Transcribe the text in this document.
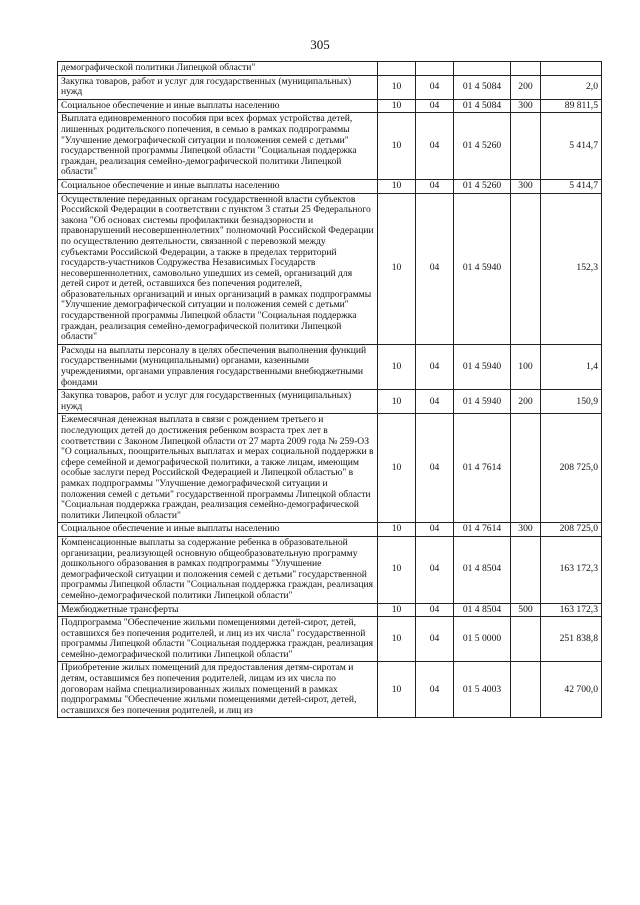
305
демографической политики Липецкой области"					
Закупка товаров, работ и услуг для государственных (муниципальных) нужд	10	04	01 4 5084	200	2,0
Социальное обеспечение и иные выплаты населению	10	04	01 4 5084	300	89 811,5
Выплата единовременного пособия при всех формах устройства детей, лишенных родительского попечения, в семью в рамках подпрограммы "Улучшение демографической ситуации и положения семей с детьми" государственной программы Липецкой области "Социальная поддержка граждан, реализация семейно-демографической политики Липецкой области"	10	04	01 4 5260		5 414,7
Социальное обеспечение и иные выплаты населению	10	04	01 4 5260	300	5 414,7
Осуществление переданных органам государственной власти субъектов Российской Федерации в соответствии с пунктом 3 статьи 25 Федерального закона "Об основах системы профилактики безнадзорности и правонарушений несовершеннолетних" полномочий Российской Федерации по осуществлению деятельности, связанной с перевозкой между субъектами Российской Федерации, а также в пределах территорий государств-участников Содружества Независимых Государств несовершеннолетних, самовольно ушедших из семей, организаций для детей сирот и детей, оставшихся без попечения родителей, образовательных организаций и иных организаций в рамках подпрограммы "Улучшение демографической ситуации и положения семей с детьми" государственной программы Липецкой области "Социальная поддержка граждан, реализация семейно-демографической политики Липецкой области"	10	04	01 4 5940		152,3
Расходы на выплаты персоналу в целях обеспечения выполнения функций государственными (муниципальными) органами, казенными учреждениями, органами управления государственными внебюджетными фондами	10	04	01 4 5940	100	1,4
Закупка товаров, работ и услуг для государственных (муниципальных) нужд	10	04	01 4 5940	200	150,9
Ежемесячная денежная выплата в связи с рождением третьего и последующих детей до достижения ребенком возраста трех лет в соответствии с Законом Липецкой области от 27 марта 2009 года № 259-ОЗ "О социальных, поощрительных выплатах и мерах социальной поддержки в сфере семейной и демографической политики, а также лицам, имеющим особые заслуги перед Российской Федерацией и Липецкой областью" в рамках подпрограммы "Улучшение демографической ситуации и положения семей с детьми" государственной программы Липецкой области "Социальная поддержка граждан, реализация семейно-демографической политики Липецкой области"	10	04	01 4 7614		208 725,0
Социальное обеспечение и иные выплаты населению	10	04	01 4 7614	300	208 725,0
Компенсационные выплаты за содержание ребенка в образовательной организации, реализующей основную общеобразовательную программу дошкольного образования в рамках подпрограммы "Улучшение демографической ситуации и положения семей с детьми" государственной программы Липецкой области "Социальная поддержка граждан, реализация семейно-демографической политики Липецкой области"	10	04	01 4 8504		163 172,3
Межбюджетные трансферты	10	04	01 4 8504	500	163 172,3
Подпрограмма "Обеспечение жильми помещениями детей-сирот, детей, оставшихся без попечения родителей, и лиц из их числа" государственной программы Липецкой области "Социальная поддержка граждан, реализация семейно-демографической политики Липецкой области"	10	04	01 5 0000		251 838,8
Приобретение жилых помещений для предоставления детям-сиротам и детям, оставшимся без попечения родителей, лицам из их числа по договорам найма специализированных жилых помещений в рамках подпрограммы "Обеспечение жильми помещениями детей-сирот, детей, оставшихся без попечения родителей, и лиц из	10	04	01 5 4003		42 700,0
